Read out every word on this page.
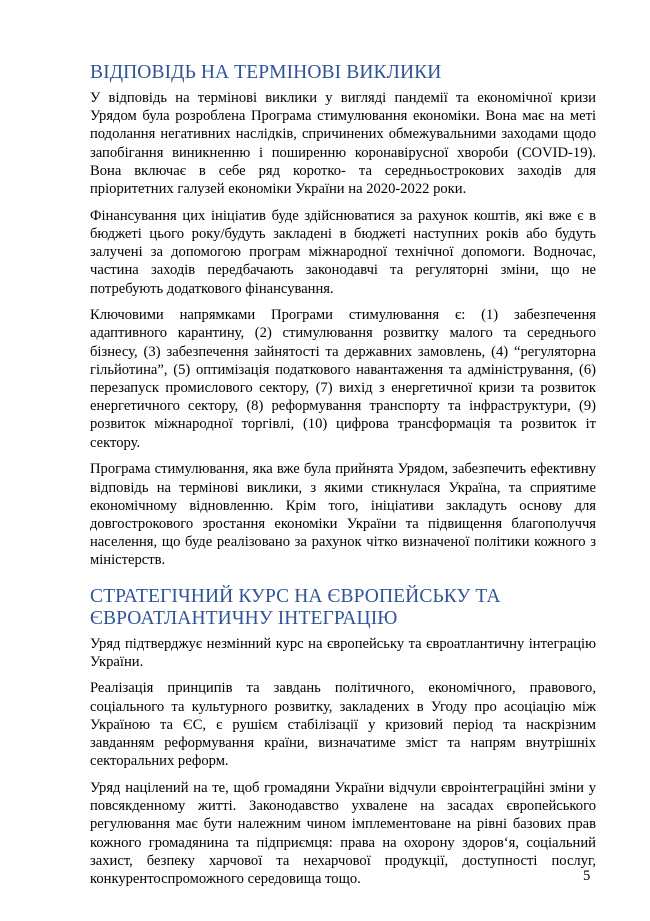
ВІДПОВІДЬ НА ТЕРМІНОВІ ВИКЛИКИ

У відповідь на термінові виклики у вигляді пандемії та економічної кризи Урядом була розроблена Програма стимулювання економіки. Вона має на меті подолання негативних наслідків, спричинених обмежувальними заходами щодо запобігання виникненню і поширенню коронавірусної хвороби (COVID-19). Вона включає в себе ряд коротко- та середньострокових заходів для пріоритетних галузей економіки України на 2020-2022 роки.

Фінансування цих ініціатив буде здійснюватися за рахунок коштів, які вже є в бюджеті цього року/будуть закладені в бюджеті наступних років або будуть залучені за допомогою програм міжнародної технічної допомоги. Водночас, частина заходів передбачають законодавчі та регуляторні зміни, що не потребують додаткового фінансування.

Ключовими напрямками Програми стимулювання є: (1) забезпечення адаптивного карантину, (2) стимулювання розвитку малого та середнього бізнесу, (3) забезпечення зайнятості та державних замовлень, (4) “регуляторна гільйотина”, (5) оптимізація податкового навантаження та адміністрування, (6) перезапуск промислового сектору, (7) вихід з енергетичної кризи та розвиток енергетичного сектору, (8) реформування транспорту та інфраструктури, (9) розвиток міжнародної торгівлі, (10) цифрова трансформація та розвиток іт сектору.

Програма стимулювання, яка вже була прийнята Урядом, забезпечить ефективну відповідь на термінові виклики, з якими стикнулася Україна, та сприятиме економічному відновленню. Крім того, ініціативи закладуть основу для довгострокового зростання економіки України та підвищення благополуччя населення, що буде реалізовано за рахунок чітко визначеної політики кожного з міністерств.

СТРАТЕГІЧНИЙ КУРС НА ЄВРОПЕЙСЬКУ ТА
ЄВРОАТЛАНТИЧНУ ІНТЕГРАЦІЮ

Уряд підтверджує незмінний курс на європейську та євроатлантичну інтеграцію України.

Реалізація принципів та завдань політичного, економічного, правового, соціального та культурного розвитку, закладених в Угоду про асоціацію між Україною та ЄС, є рушієм стабілізації у кризовий період та наскрізним завданням реформування країни, визначатиме зміст та напрям внутрішніх секторальних реформ.

Уряд націлений на те, щоб громадяни України відчули євроінтеграційні зміни у повсякденному житті. Законодавство ухвалене на засадах європейського регулювання має бути належним чином імплементоване на рівні базових прав кожного громадянина та підприємця: права на охорону здоров‘я, соціальний захист, безпеку харчової та нехарчової продукції, доступності послуг, конкурентоспроможного середовища тощо.	5
